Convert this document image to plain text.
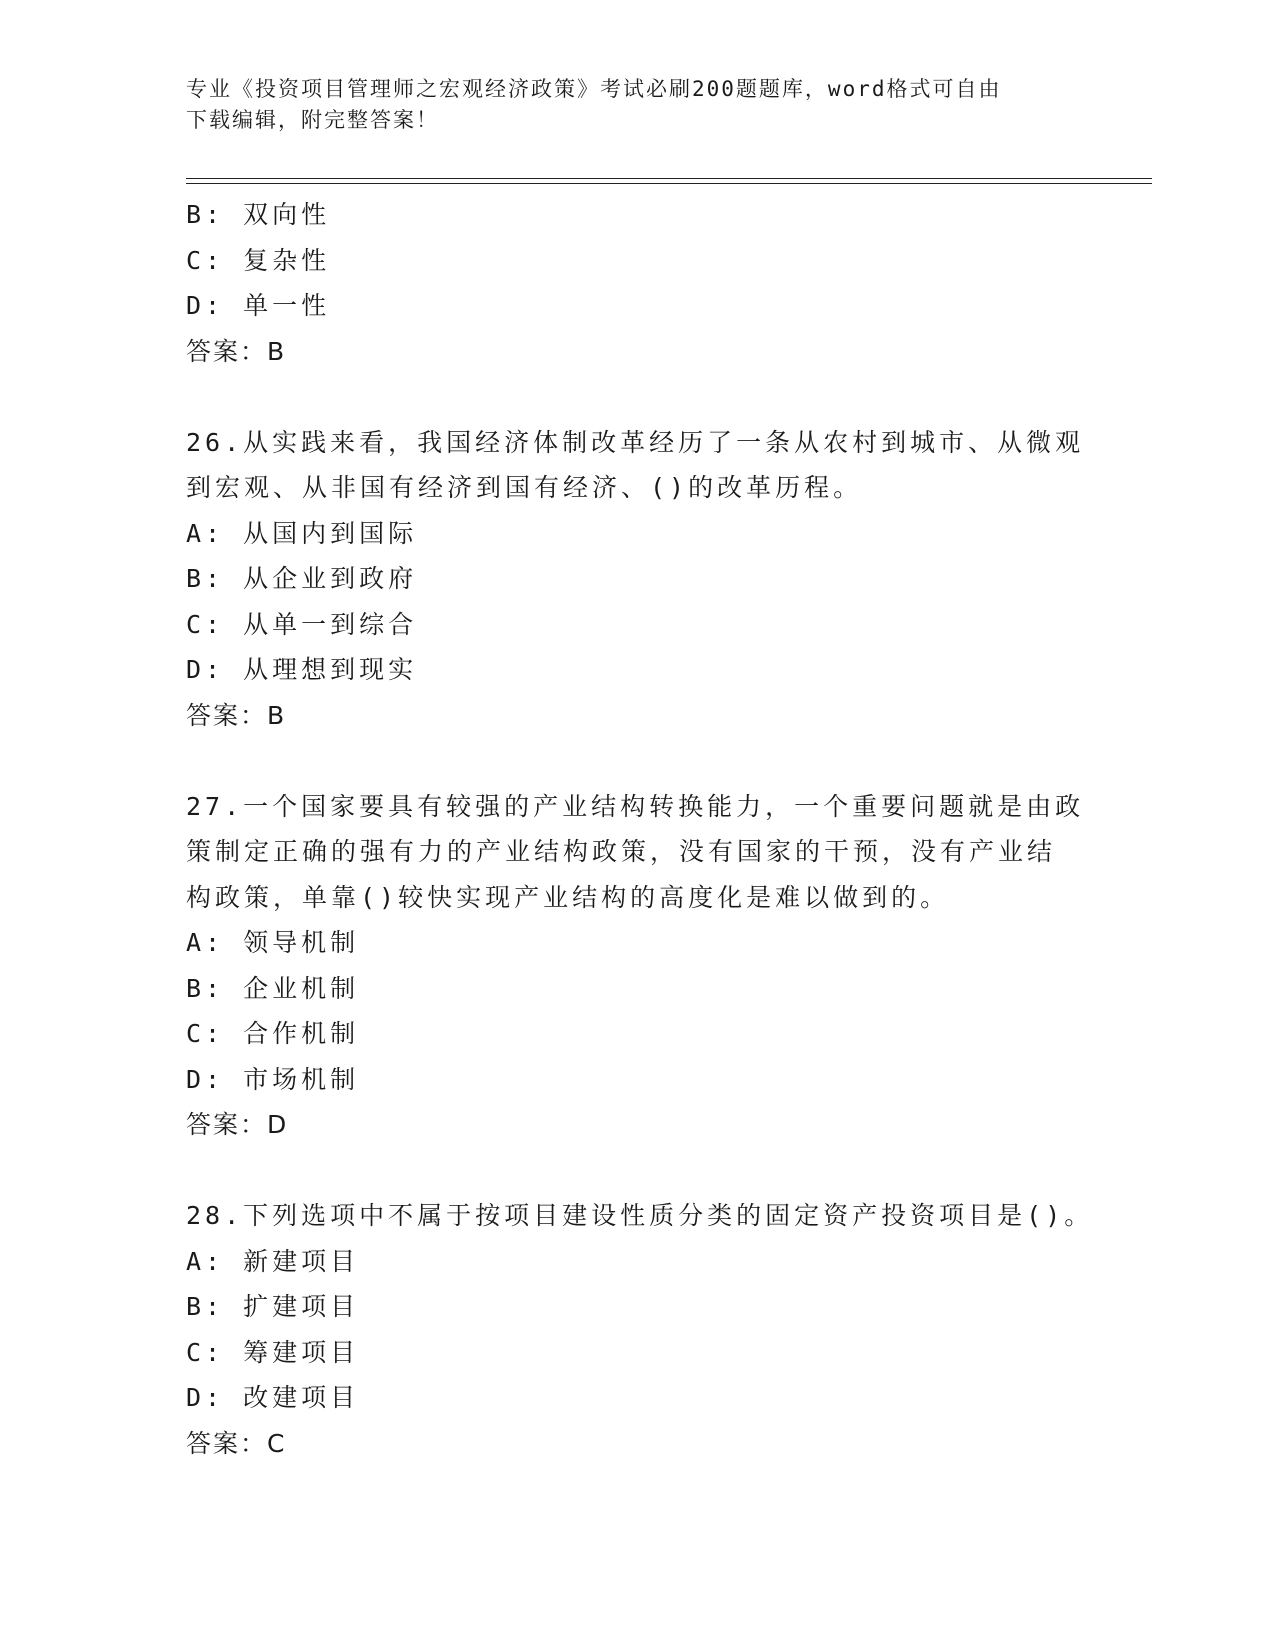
专业《投资项目管理师之宏观经济政策》考试必刷200题题库，word格式可自由
下载编辑，附完整答案！
B: 双向性
C: 复杂性
D: 单一性
答案：B
26.从实践来看，我国经济体制改革经历了一条从农村到城市、从微观
到宏观、从非国有经济到国有经济、()的改革历程。
A: 从国内到国际
B: 从企业到政府
C: 从单一到综合
D: 从理想到现实
答案：B
27.一个国家要具有较强的产业结构转换能力，一个重要问题就是由政
策制定正确的强有力的产业结构政策，没有国家的干预，没有产业结
构政策，单靠()较快实现产业结构的高度化是难以做到的。
A: 领导机制
B: 企业机制
C: 合作机制
D: 市场机制
答案：D
28.下列选项中不属于按项目建设性质分类的固定资产投资项目是()。
A: 新建项目
B: 扩建项目
C: 筹建项目
D: 改建项目
答案：C
